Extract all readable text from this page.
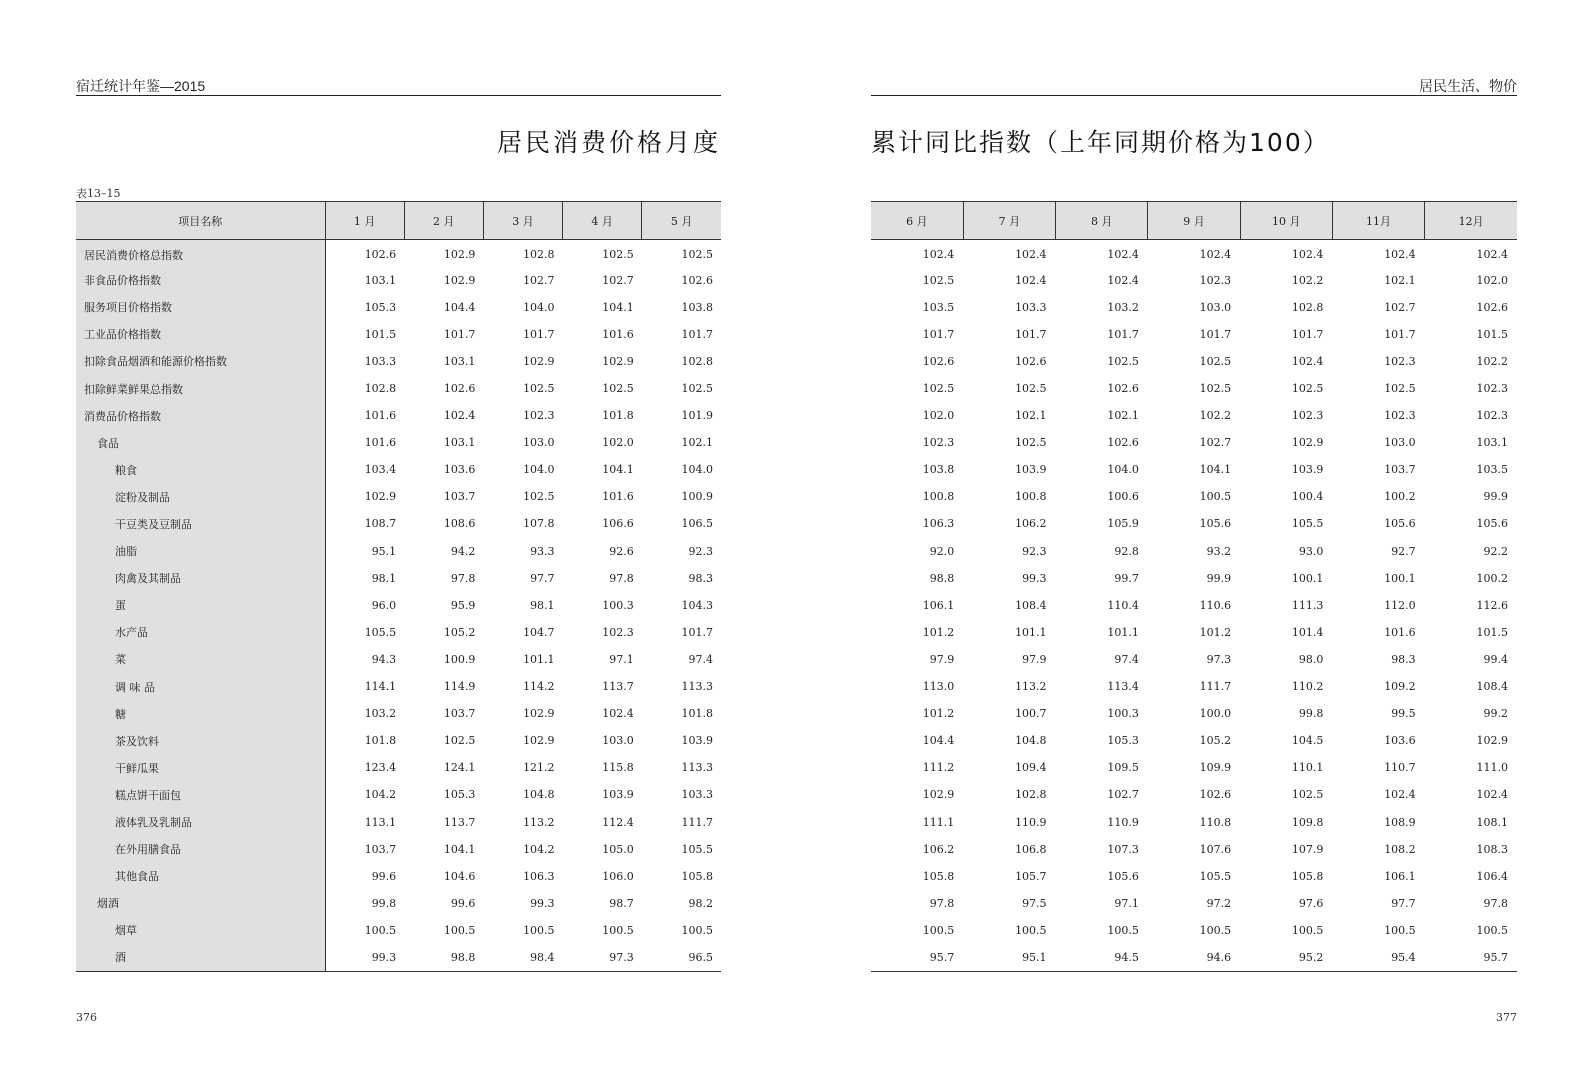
宿迁统计年鉴—2015
居民消费价格月度
表13–15
项目名称	1 月	2 月	3 月	4 月	5 月
居民消费价格总指数	102.6	102.9	102.8	102.5	102.5
非食品价格指数	103.1	102.9	102.7	102.7	102.6
服务项目价格指数	105.3	104.4	104.0	104.1	103.8
工业品价格指数	101.5	101.7	101.7	101.6	101.7
扣除食品烟酒和能源价格指数	103.3	103.1	102.9	102.9	102.8
扣除鲜菜鲜果总指数	102.8	102.6	102.5	102.5	102.5
消费品价格指数	101.6	102.4	102.3	101.8	101.9
食品	101.6	103.1	103.0	102.0	102.1
粮食	103.4	103.6	104.0	104.1	104.0
淀粉及制品	102.9	103.7	102.5	101.6	100.9
干豆类及豆制品	108.7	108.6	107.8	106.6	106.5
油脂	95.1	94.2	93.3	92.6	92.3
肉禽及其制品	98.1	97.8	97.7	97.8	98.3
蛋	96.0	95.9	98.1	100.3	104.3
水产品	105.5	105.2	104.7	102.3	101.7
菜	94.3	100.9	101.1	97.1	97.4
调 味 品	114.1	114.9	114.2	113.7	113.3
糖	103.2	103.7	102.9	102.4	101.8
茶及饮料	101.8	102.5	102.9	103.0	103.9
干鲜瓜果	123.4	124.1	121.2	115.8	113.3
糕点饼干面包	104.2	105.3	104.8	103.9	103.3
液体乳及乳制品	113.1	113.7	113.2	112.4	111.7
在外用膳食品	103.7	104.1	104.2	105.0	105.5
其他食品	99.6	104.6	106.3	106.0	105.8
烟酒	99.8	99.6	99.3	98.7	98.2
烟草	100.5	100.5	100.5	100.5	100.5
酒	99.3	98.8	98.4	97.3	96.5
376
居民生活、物价
累计同比指数（上年同期价格为100）
6 月	7 月	8 月	9 月	10 月	11月	12月
102.4	102.4	102.4	102.4	102.4	102.4	102.4
102.5	102.4	102.4	102.3	102.2	102.1	102.0
103.5	103.3	103.2	103.0	102.8	102.7	102.6
101.7	101.7	101.7	101.7	101.7	101.7	101.5
102.6	102.6	102.5	102.5	102.4	102.3	102.2
102.5	102.5	102.6	102.5	102.5	102.5	102.3
102.0	102.1	102.1	102.2	102.3	102.3	102.3
102.3	102.5	102.6	102.7	102.9	103.0	103.1
103.8	103.9	104.0	104.1	103.9	103.7	103.5
100.8	100.8	100.6	100.5	100.4	100.2	99.9
106.3	106.2	105.9	105.6	105.5	105.6	105.6
92.0	92.3	92.8	93.2	93.0	92.7	92.2
98.8	99.3	99.7	99.9	100.1	100.1	100.2
106.1	108.4	110.4	110.6	111.3	112.0	112.6
101.2	101.1	101.1	101.2	101.4	101.6	101.5
97.9	97.9	97.4	97.3	98.0	98.3	99.4
113.0	113.2	113.4	111.7	110.2	109.2	108.4
101.2	100.7	100.3	100.0	99.8	99.5	99.2
104.4	104.8	105.3	105.2	104.5	103.6	102.9
111.2	109.4	109.5	109.9	110.1	110.7	111.0
102.9	102.8	102.7	102.6	102.5	102.4	102.4
111.1	110.9	110.9	110.8	109.8	108.9	108.1
106.2	106.8	107.3	107.6	107.9	108.2	108.3
105.8	105.7	105.6	105.5	105.8	106.1	106.4
97.8	97.5	97.1	97.2	97.6	97.7	97.8
100.5	100.5	100.5	100.5	100.5	100.5	100.5
95.7	95.1	94.5	94.6	95.2	95.4	95.7
377
